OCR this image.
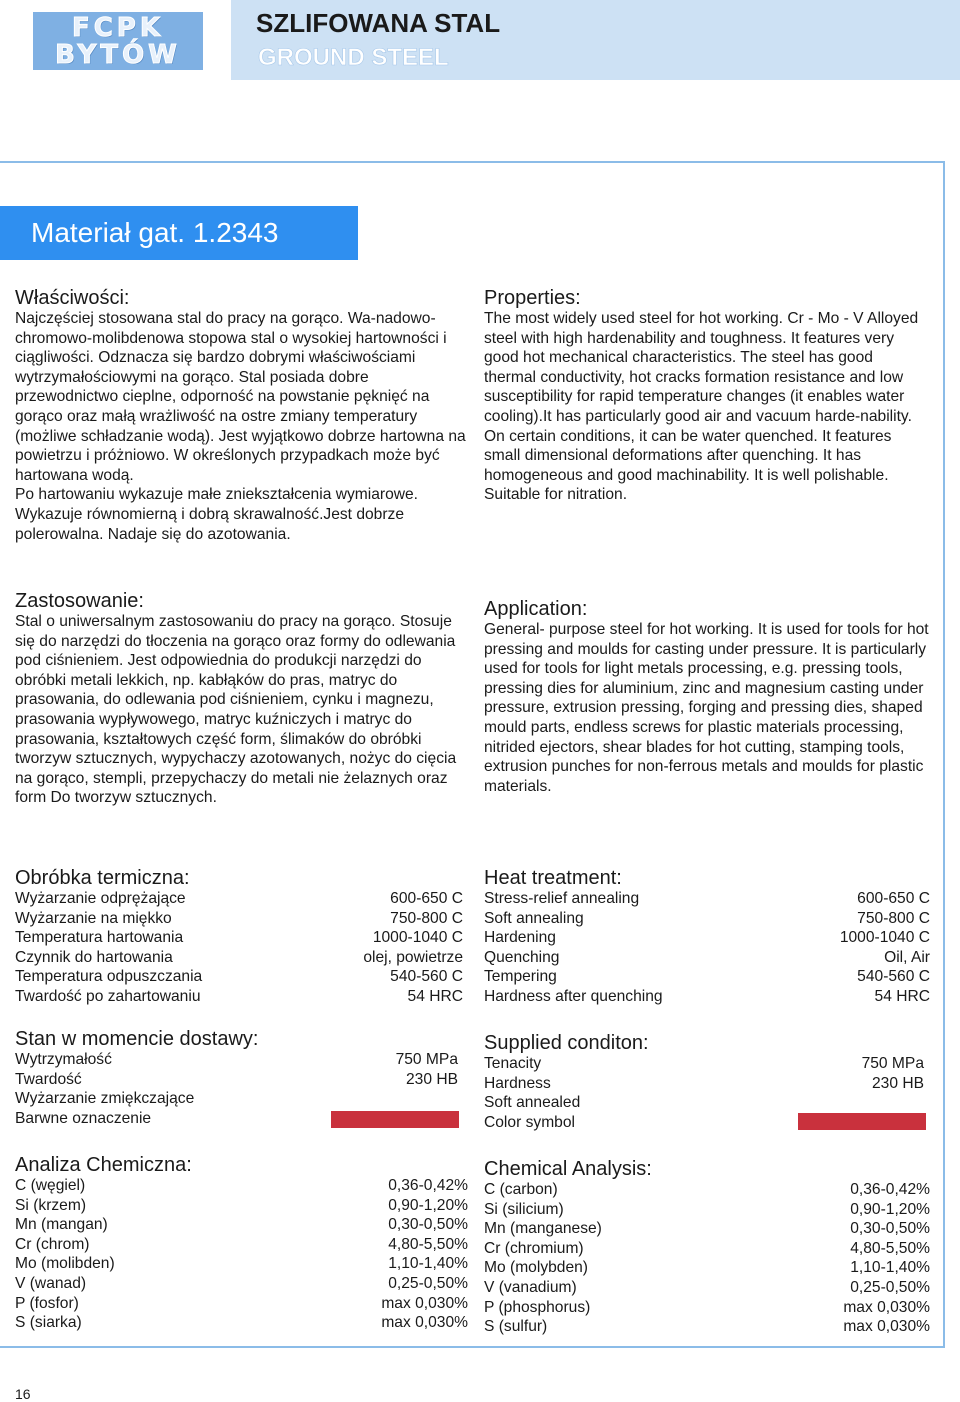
FCPK
BYTÓW
SZLIFOWANA STAL
GROUND STEEL
Materiał gat. 1.2343
Właściwości:

Najczęściej stosowana stal do pracy na gorąco. Wa-nadowo-chromowo-molibdenowa stopowa stal o wysokiej hartowności i ciągliwości. Odznacza się bardzo dobrymi właściwościami wytrzymałościowymi na gorąco. Stal posiada dobre przewodnictwo cieplne, odporność na powstanie pęknięć na gorąco oraz małą wrażliwość na ostre zmiany temperatury (możliwe schładzanie wodą). Jest wyjątkowo dobrze hartowna na powietrzu i próżniowo. W określonych przypadkach może być hartowana wodą.

Po hartowaniu wykazuje małe zniekształcenia wymiarowe. Wykazuje równomierną i dobrą skrawalność.Jest dobrze polerowalna. Nadaje się do azotowania.

Properties:

The most widely used steel for hot working. Cr - Mo - V Alloyed steel with high hardenability and toughness. It features very good hot mechanical characteristics. The steel has good thermal conductivity, hot cracks formation resistance and low susceptibility for rapid temperature changes (it enables water cooling).It has particularly good air and vacuum harde-nability. On certain conditions, it can be water quenched. It features small dimensional deformations after quenching. It has homogeneous and good machinability. It is well polishable. Suitable for nitration.

Zastosowanie:

Stal o uniwersalnym zastosowaniu do pracy na gorąco. Stosuje się do narzędzi do tłoczenia na gorąco oraz formy do odlewania pod ciśnieniem. Jest odpowiednia do produkcji narzędzi do obróbki metali lekkich, np. kabłąków do pras, matryc do prasowania, do odlewania pod ciśnieniem, cynku i magnezu, prasowania wypływowego, matryc kuźniczych i matryc do prasowania, kształtowych część form, ślimaków do obróbki tworzyw sztucznych, wypychaczy azotowanych, nożyc do cięcia na gorąco, stempli, przepychaczy do metali nie żelaznych oraz form Do tworzyw sztucznych.

Application:

General- purpose steel for hot working. It is used for tools for hot pressing and moulds for casting under pressure. It is particularly used for tools for light metals processing, e.g. pressing tools, pressing dies for aluminium, zinc and magnesium casting under pressure, extrusion pressing, forging and pressing dies, shaped mould parts, endless screws for plastic materials processing, nitrided ejectors, shear blades for hot cutting, stamping tools, extrusion punches for non-ferrous metals and moulds for plastic materials.

Obróbka termiczna:
Wyżarzanie odprężające	600-650 C
Wyżarzanie na miękko	750-800 C
Temperatura hartowania	1000-1040 C
Czynnik do hartowania	olej, powietrze
Temperatura odpuszczania	540-560 C
Twardość po zahartowaniu	54 HRC
Heat treatment:
Stress-relief annealing	600-650 C
Soft annealing	750-800 C
Hardening	1000-1040 C
Quenching	Oil, Air
Tempering	540-560 C
Hardness after quenching	54 HRC
Stan w momencie dostawy:
Wytrzymałość	750 MPa
Twardość	230 HB
Wyżarzanie zmiękczające
Barwne oznaczenie
Supplied conditon:
Tenacity	750 MPa
Hardness	230 HB
Soft annealed
Color symbol
Analiza Chemiczna:
C (węgiel)	0,36-0,42%
Si (krzem)	0,90-1,20%
Mn (mangan)	0,30-0,50%
Cr (chrom)	4,80-5,50%
Mo (molibden)	1,10-1,40%
V (wanad)	0,25-0,50%
P (fosfor)	max 0,030%
S (siarka)	max 0,030%
Chemical Analysis:
C (carbon)	0,36-0,42%
Si (silicium)	0,90-1,20%
Mn (manganese)	0,30-0,50%
Cr (chromium)	4,80-5,50%
Mo (molybden)	1,10-1,40%
V (vanadium)	0,25-0,50%
P (phosphorus)	max 0,030%
S (sulfur)	max 0,030%
16
